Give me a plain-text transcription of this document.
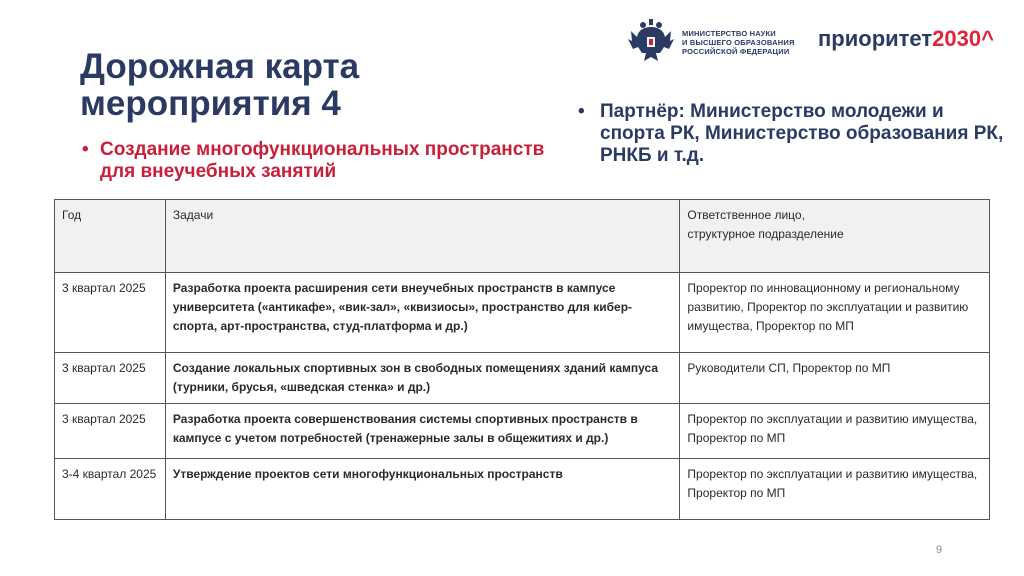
Дорожная карта
мероприятия 4
• Создание многофункциональных пространств для внеучебных занятий
• Партнёр: Министерство молодежи и спорта РК, Министерство образования РК, РНКБ и т.д.
МИНИСТЕРСТВО НАУКИ
И ВЫСШЕГО ОБРАЗОВАНИЯ
РОССИЙСКОЙ ФЕДЕРАЦИИ приоритет2030^
Год	Задачи	Ответственное лицо,
структурное подразделение

3 квартал 2025	Разработка проекта расширения сети внеучебных пространств в кампусе университета («антикафе», «вик-зал», «квизиосы», пространство для кибер-спорта, арт-пространства, студ-платформа и др.)	Проректор по инновационному и региональному развитию, Проректор по эксплуатации и развитию имущества, Проректор по МП
3 квартал 2025	Создание локальных спортивных зон в свободных помещениях зданий кампуса (турники, брусья, «шведская стенка» и др.)	Руководители СП, Проректор по МП
3 квартал 2025	Разработка проекта совершенствования системы спортивных пространств в кампусе с учетом потребностей (тренажерные залы в общежитиях и др.)	Проректор по эксплуатации и развитию имущества, Проректор по МП
3-4 квартал 2025	Утверждение проектов сети многофункциональных пространств	Проректор по эксплуатации и развитию имущества, Проректор по МП
9
